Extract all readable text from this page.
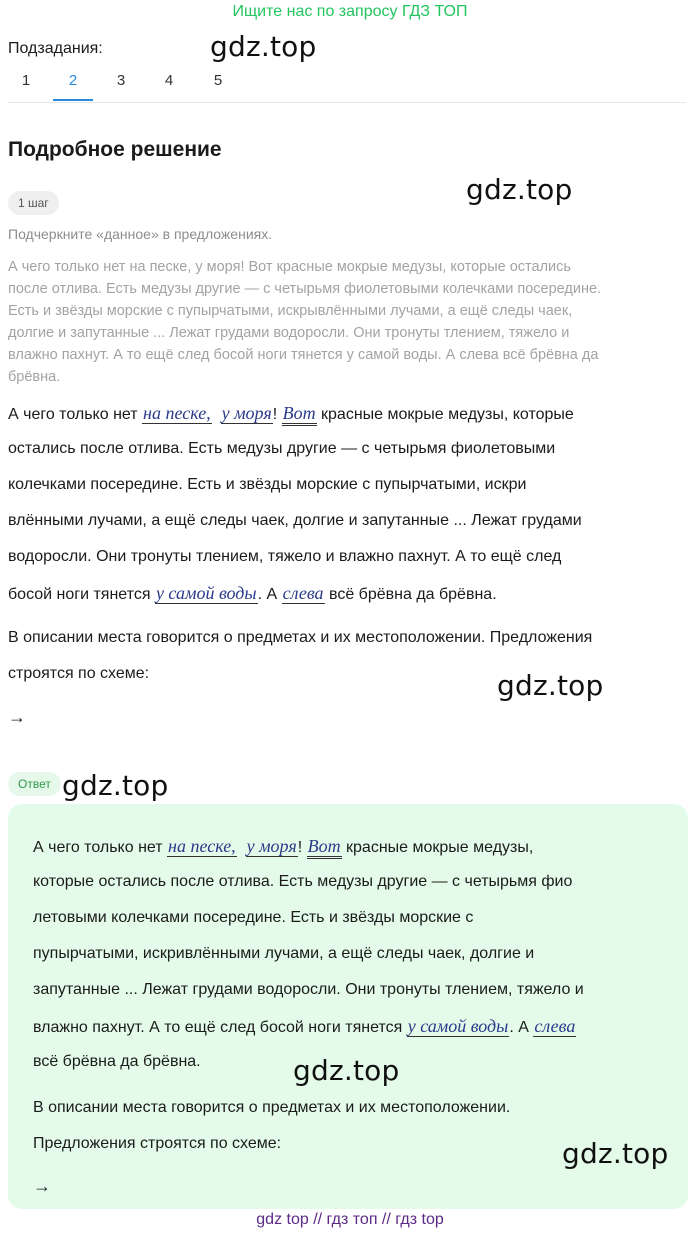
Ищите нас по запросу ГДЗ ТОП
Подзадания:	gdz.top
1	2	3	4	5
Подробное решение
gdz.top
1 шаг
Подчеркните «данное» в предложениях.
А чего только нет на песке, у моря! Вот красные мокрые медузы, которые остались
после отлива. Есть медузы другие — с четырьмя фиолетовыми колечками посередине.
Есть и звёзды морские с пупырчатыми, искрывлёнными лучами, а ещё следы чаек,
долгие и запутанные ... Лежат грудами водоросли. Они тронуты тлением, тяжело и
влажно пахнут. А то ещё след босой ноги тянется у самой воды. А слева всё брёвна да
брёвна.
А чего только нет на песке, у моря! Вот красные мокрые медузы, которые
остались после отлива. Есть медузы другие — с четырьмя фиолетовыми
колечками посередине. Есть и звёзды морские с пупырчатыми, искри
влёнными лучами, а ещё следы чаек, долгие и запутанные ... Лежат грудами
водоросли. Они тронуты тлением, тяжело и влажно пахнут. А то ещё след
босой ноги тянется у самой воды. А слева всё брёвна да брёвна.
В описании места говорится о предметах и их местоположении. Предложения
строятся по схеме:	gdz.top
→
Ответ gdz.top
А чего только нет на песке, у моря! Вот красные мокрые медузы,
которые остались после отлива. Есть медузы другие — с четырьмя фио
летовыми колечками посередине. Есть и звёзды морские с
пупырчатыми, искривлёнными лучами, а ещё следы чаек, долгие и
запутанные ... Лежат грудами водоросли. Они тронуты тлением, тяжело и
влажно пахнут. А то ещё след босой ноги тянется у самой воды. А слева
всё брёвна да брёвна.	gdz.top
В описании места говорится о предметах и их местоположении.
Предложения строятся по схеме:	gdz.top
→
gdz top // гдз топ // гдз top
